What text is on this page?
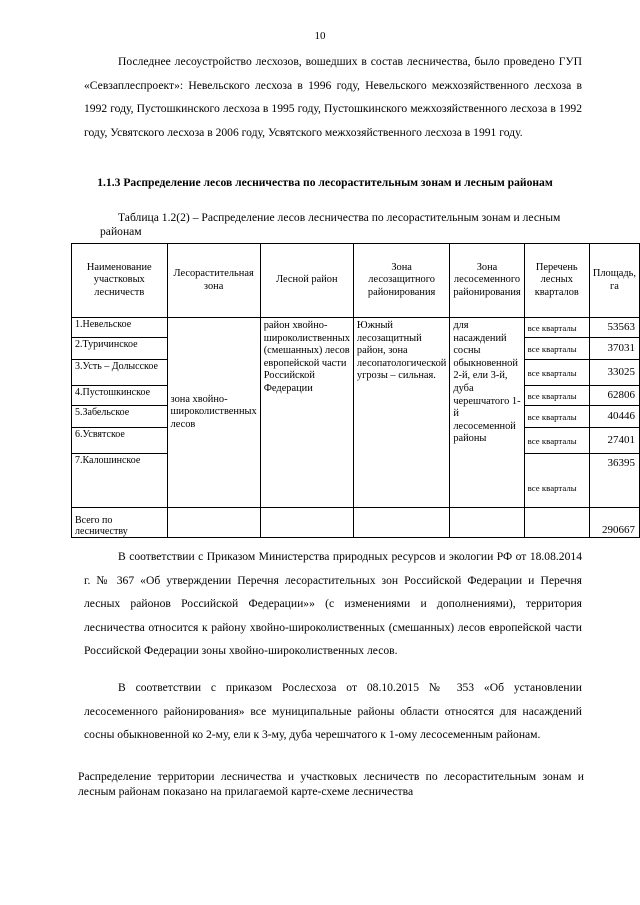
10

Последнее лесоустройство лесхозов, вошедших в состав лесничества, было проведено ГУП «Севзаплеспроект»: Невельского лесхоза в 1996 году, Невельского межхозяйственного лесхоза в 1992 году, Пустошкинского лесхоза в 1995 году, Пустошкинского межхозяйственного лесхоза в 1992 году, Усвятского лесхоза в 2006 году, Усвятского межхозяйственного лесхоза в 1991 году.

1.1.3 Распределение лесов лесничества по лесорастительным зонам и лесным районам

Таблица 1.2(2) – Распределение лесов лесничества по лесорастительным зонам и лесным районам

Наименование участковых лесничеств	Лесорастительная зона	Лесной район	Зона лесозащитного районирования	Зона лесосеменного районирования	Перечень лесных кварталов	Площадь, га
1.Невельское	зона хвойно-широколиственных лесов	район хвойно-широколиственных (смешанных) лесов европейской части Российской Федерации	Южный лесозащитный район, зона лесопатологической угрозы – сильная.	для насаждений сосны обыкновенной 2-й, ели 3-й, дуба черешчатого 1-й лесосеменной районы	все кварталы	53563
2.Туричинское					все кварталы	37031
3.Усть – Долысское					все кварталы	33025
4.Пустошкинское					все кварталы	62806
5.Забельское					все кварталы	40446
6.Усвятское					все кварталы	27401
7.Калошинское					все кварталы	36395
Всего по лесничеству						290667

В соответствии с Приказом Министерства природных ресурсов и экологии РФ от 18.08.2014 г. № 367 «Об утверждении Перечня лесорастительных зон Российской Федерации и Перечня лесных районов Российской Федерации»» (с изменениями и дополнениями), территория лесничества относится к району хвойно-широколиственных (смешанных) лесов европейской части Российской Федерации зоны хвойно-широколиственных лесов.

В соответствии с приказом Рослесхоза от 08.10.2015 № 353 «Об установлении лесосеменного районирования» все муниципальные районы области относятся для насаждений сосны обыкновенной ко 2-му, ели к 3-му, дуба черешчатого к 1-ому лесосеменным районам.

Распределение территории лесничества и участковых лесничеств по лесорастительным зонам и лесным районам показано на прилагаемой карте-схеме лесничества
